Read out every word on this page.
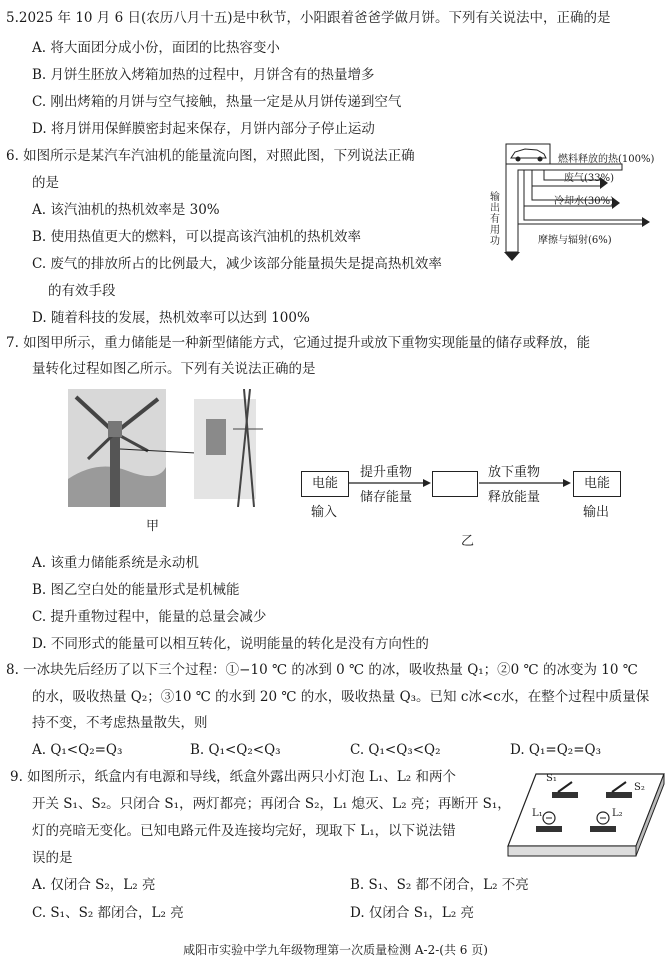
5.2025 年 10 月 6 日(农历八月十五)是中秋节，小阳跟着爸爸学做月饼。下列有关说法中，正确的是
A. 将大面团分成小份，面团的比热容变小
B. 月饼生胚放入烤箱加热的过程中，月饼含有的热量增多
C. 刚出烤箱的月饼与空气接触，热量一定是从月饼传递到空气
D. 将月饼用保鲜膜密封起来保存，月饼内部分子停止运动
6. 如图所示是某汽车汽油机的能量流向图，对照此图，下列说法正确
的是
A. 该汽油机的热机效率是 30%
B. 使用热值更大的燃料，可以提高该汽油机的热机效率
C. 废气的排放所占的比例最大，减少该部分能量损失是提高热机效率
的有效手段
D. 随着科技的发展，热机效率可以达到 100%
燃料释放的热(100%)
废气(33%)
冷却水(30%)
摩擦与辐射(6%)
输出有用功
7. 如图甲所示，重力储能是一种新型储能方式，它通过提升或放下重物实现能量的储存或释放，能
量转化过程如图乙所示。下列有关说法正确的是
甲
电能
输入
提升重物
储存能量
放下重物
释放能量
电能
输出
乙
A. 该重力储能系统是永动机
B. 图乙空白处的能量形式是机械能
C. 提升重物过程中，能量的总量会减少
D. 不同形式的能量可以相互转化，说明能量的转化是没有方向性的
8. 一冰块先后经历了以下三个过程：①−10 ℃ 的冰到 0 ℃ 的冰，吸收热量 Q₁；②0 ℃ 的冰变为 10 ℃
的水，吸收热量 Q₂；③10 ℃ 的水到 20 ℃ 的水，吸收热量 Q₃。已知 c冰<c水，在整个过程中质量保
持不变，不考虑热量散失，则
A. Q₁<Q₂=Q₃	B. Q₁<Q₂<Q₃	C. Q₁<Q₃<Q₂	D. Q₁=Q₂=Q₃
9. 如图所示，纸盒内有电源和导线，纸盒外露出两只小灯泡 L₁、L₂ 和两个
开关 S₁、S₂。只闭合 S₁，两灯都亮；再闭合 S₂，L₁ 熄灭、L₂ 亮；再断开 S₁，
灯的亮暗无变化。已知电路元件及连接均完好，现取下 L₁，以下说法错
误的是
S₁
S₂
L₁	L₂
A. 仅闭合 S₂，L₂ 亮	B. S₁、S₂ 都不闭合，L₂ 不亮
C. S₁、S₂ 都闭合，L₂ 亮	D. 仅闭合 S₁，L₂ 亮
咸阳市实验中学九年级物理第一次质量检测 A-2-(共 6 页)
